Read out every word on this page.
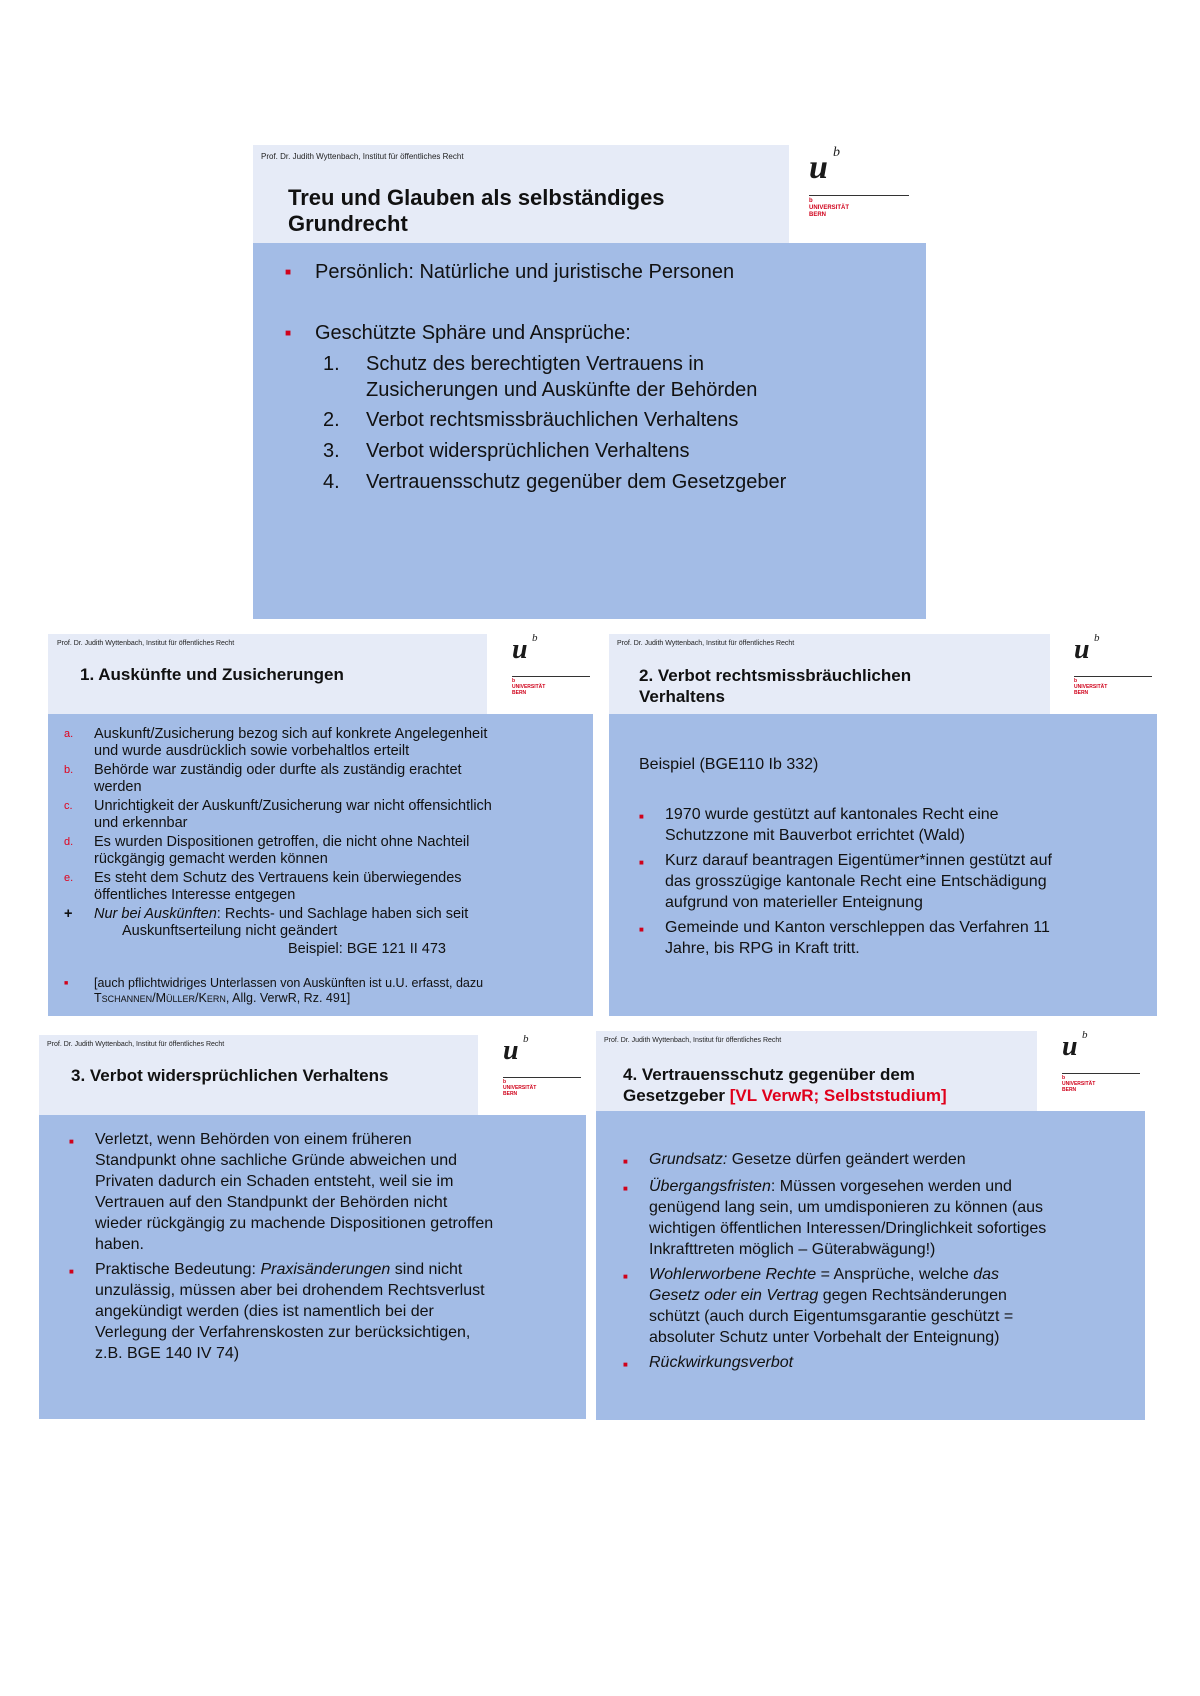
Prof. Dr. Judith Wyttenbach, Institut für öffentliches Recht
Treu und Glauben als selbständiges
Grundrecht
u b
b
UNIVERSITÄT
BERN
■ Persönlich: Natürliche und juristische Personen
■ Geschützte Sphäre und Ansprüche:
1.	Schutz des berechtigten Vertrauens in
Zusicherungen und Auskünfte der Behörden
2.	Verbot rechtsmissbräuchlichen Verhaltens
3.	Verbot widersprüchlichen Verhaltens
4.	Vertrauensschutz gegenüber dem Gesetzgeber
Prof. Dr. Judith Wyttenbach, Institut für öffentliches Recht
1. Auskünfte und Zusicherungen
u b
b
UNIVERSITÄT
BERN
a.	Auskunft/Zusicherung bezog sich auf konkrete Angelegenheit
und wurde ausdrücklich sowie vorbehaltlos erteilt
b.	Behörde war zuständig oder durfte als zuständig erachtet
werden
c.	Unrichtigkeit der Auskunft/Zusicherung war nicht offensichtlich
und erkennbar
d.	Es wurden Dispositionen getroffen, die nicht ohne Nachteil
rückgängig gemacht werden können
e.	Es steht dem Schutz des Vertrauens kein überwiegendes
öffentliches Interesse entgegen
+	Nur bei Auskünften: Rechts- und Sachlage haben sich seit
Auskunftserteilung nicht geändert
Beispiel: BGE 121 II 473
■	[auch pflichtwidriges Unterlassen von Auskünften ist u.U. erfasst, dazu
Tschannen/Müller/Kern, Allg. VerwR, Rz. 491]
Prof. Dr. Judith Wyttenbach, Institut für öffentliches Recht
2. Verbot rechtsmissbräuchlichen
Verhaltens
u b
b
UNIVERSITÄT
BERN
Beispiel (BGE110 Ib 332)
■	1970 wurde gestützt auf kantonales Recht eine
Schutzzone mit Bauverbot errichtet (Wald)
■	Kurz darauf beantragen Eigentümer*innen gestützt auf
das grosszügige kantonale Recht eine Entschädigung
aufgrund von materieller Enteignung
■	Gemeinde und Kanton verschleppen das Verfahren 11
Jahre, bis RPG in Kraft tritt.
Prof. Dr. Judith Wyttenbach, Institut für öffentliches Recht
3. Verbot widersprüchlichen Verhaltens
u b
b
UNIVERSITÄT
BERN
■	Verletzt, wenn Behörden von einem früheren
Standpunkt ohne sachliche Gründe abweichen und
Privaten dadurch ein Schaden entsteht, weil sie im
Vertrauen auf den Standpunkt der Behörden nicht
wieder rückgängig zu machende Dispositionen getroffen
haben.
■	Praktische Bedeutung: Praxisänderungen sind nicht
unzulässig, müssen aber bei drohendem Rechtsverlust
angekündigt werden (dies ist namentlich bei der
Verlegung der Verfahrenskosten zur berücksichtigen,
z.B. BGE 140 IV 74)
Prof. Dr. Judith Wyttenbach, Institut für öffentliches Recht
4. Vertrauensschutz gegenüber dem
Gesetzgeber [VL VerwR; Selbststudium]
u b
b
UNIVERSITÄT
BERN
■	Grundsatz: Gesetze dürfen geändert werden
■	Übergangsfristen: Müssen vorgesehen werden und
genügend lang sein, um umdisponieren zu können (aus
wichtigen öffentlichen Interessen/Dringlichkeit sofortiges
Inkrafttreten möglich – Güterabwägung!)
■	Wohlerworbene Rechte = Ansprüche, welche das
Gesetz oder ein Vertrag gegen Rechtsänderungen
schützt (auch durch Eigentumsgarantie geschützt =
absoluter Schutz unter Vorbehalt der Enteignung)
■	Rückwirkungsverbot
